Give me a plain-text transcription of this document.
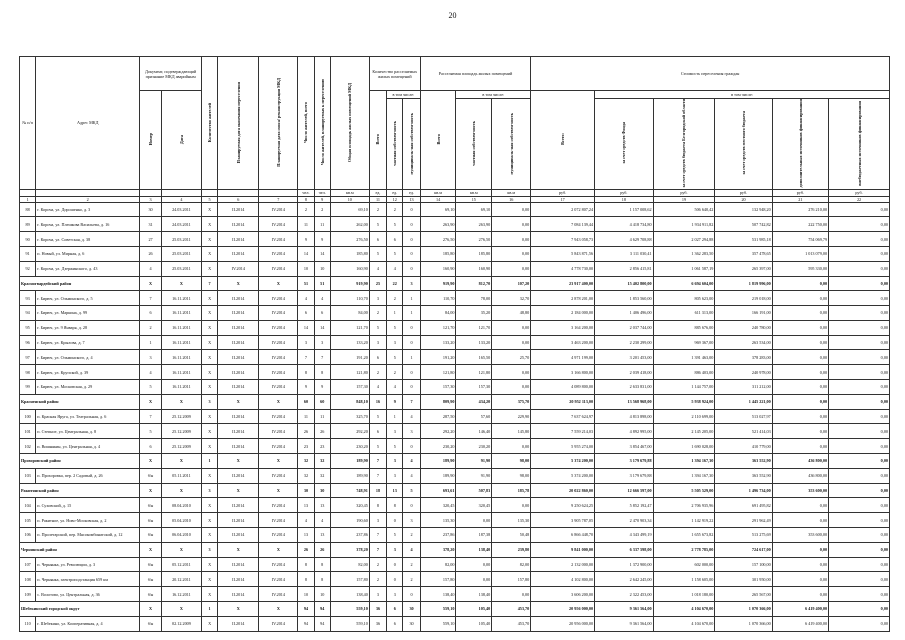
20
№ п/п	Адрес МКД	Документ, подтверждающий признание МКД аварийным		Количество жителей	Планируемая дата окончания переселения	Планируемая дата сноса/ реконструкции МКД	Число жителей, всего	Число жителей, планируемых к переселению	Общая площадь жилых помещений МКД	Количество расселяемых жилых помещений			Расселяемая площадь жилых помещений			Стоимость переселения граждан					
		Номер	Дата							Всего	в том числе:		Всего	в том числе:		Всего:	в том числе:				
											частная собствен-ность	муниципаль-ная собствен-ность		частная собствен-ность	муниципаль-ная собствен-ность		за счет средств Фонда	за счет средств бюджета Белгородской области	за счет средств местного бюджета	дополнительных источников финансирования	внебюджетных источников финансирования
							чел.	чел.	кв.м	ед.	ед.	ед.	кв.м	кв.м	кв.м	руб.	руб.	руб.	руб.	руб.	руб.
1	2	3	4	5	6	7	8	9	10	11	12	13	14	15	16	17	18	19	20	21	22
88	г. Короча, ул. Дорошенко, д. 3	30	24.03.2011	X	II.2014	IV.2014	2	2	69,10	2	2	0	69,10	69,10	0,00	2 072 807,24	1 157 008,62	506 640,42	132 948,20	276 210,00	0,00
89	г. Короча, ул. Плешкова Васильева, д. 16	31	24.03.2011	X	II.2014	IV.2014	11	11	262,00	5	5	0	263,90	263,90	0,00	7 084 139,44	4 418 734,80	1 934 911,82	507 742,82	222 750,00	0,00
90	г. Короча, ул. Советская, д. 38	27	25.03.2011	X	II.2014	IV.2014	9	9	276,50	6	6	0	276,50	276,50	0,00	7 943 058,73	4 629 708,88	2 027 294,88	531 985,18	754 069,79	0,00
91	п. Новый, ул. Мирная, д. 6	26	25.03.2011	X	II.2014	IV.2014	14	14	185,80	5	5	0	185,80	185,80	0,00	5 843 871,56	3 111 030,41	1 362 283,50	357 478,65	1 013 079,00	0,00
92	г. Короча, ул. Дзержинского, д. 43	4	25.03.2011	X	IV.2014	IV.2014	10	10	160,90	4	4	0	160,90	160,90	0,00	4 778 730,00	2 856 415,81	1 061 587,19	265 397,00	595 330,00	0,00
Красногвардейский район		X	X	7	X	X	51	51	919,90	25	22	3	919,90	812,70	107,20	23 917 400,00	15 402 800,00	6 694 604,00	1 819 996,00	0,00	0,00
93	г. Бирюч, ул. Ольминского, д. 5	7	16.11.2011	X	II.2014	IV.2014	4	4	110,70	3	2	1	110,70	78,00	32,70	2 878 201,00	1 853 560,00	805 623,00	219 018,00	0,00	0,00
94	г. Бирюч, ул. Маркина, д. 99	6	16.11.2011	X	II.2014	IV.2014	6	6	84,00	2	1	1	84,00	35,20	48,80	2 184 000,00	1 406 496,00	611 313,00	166 191,00	0,00	0,00
95	г. Бирюч, ул. 9 Января, д. 28	2	16.11.2011	X	II.2014	IV.2014	14	14	121,70	5	5	0	121,70	121,70	0,00	3 164 200,00	2 037 744,00	885 676,00	240 780,00	0,00	0,00
96	г. Бирюч, ул. Крылова, д. 7	1	16.11.2011	X	II.2014	IV.2014	3	3	133,20	3	3	0	133,20	133,20	0,00	3 463 200,00	2 230 299,00	969 367,00	263 534,00	0,00	0,00
97	г. Бирюч, ул. Ольминского, д. 4	3	16.11.2011	X	II.2014	IV.2014	7	7	191,20	6	5	1	191,20	165,50	25,70	4 971 199,00	3 201 453,00	1 391 463,00	378 283,00	0,00	0,00
98	г. Бирюч, ул. Крупской, д. 39	4	16.11.2011	X	II.2014	IV.2014	8	8	121,80	2	2	0	121,80	121,80	0,00	3 166 800,00	2 039 418,00	886 403,00	240 978,00	0,00	0,00
99	г. Бирюч, ул. Московская, д. 29	5	16.11.2011	X	II.2014	IV.2014	9	9	157,30	4	4	0	157,30	157,30	0,00	4 089 800,00	2 633 831,00	1 144 757,00	311 212,00	0,00	0,00
Красненский район		X	X	3	X	X	60	60	848,10	16	9	7	809,90	434,20	375,70	20 952 113,00	13 568 968,00	5 938 924,00	1 445 221,00	0,00	0,00
100	п. Красная Яруга, ул. Театральная, д. 6	7	25.12.2009	X	II.2014	IV.2014	11	11	325,70	5	1	4	287,50	57,60	229,90	7 637 624,97	4 813 898,00	2 110 699,00	513 027,97	0,00	0,00
101	п. Степное, ул. Центральная, д. 8	5	25.12.2009	X	II.2014	IV.2014	26	26	292,20	6	3	3	292,20	146,40	145,80	7 559 214,03	4 892 995,00	2 145 205,00	521 414,03	0,00	0,00
102	п. Вишнякин, ул. Центральная, д. 4	6	25.12.2009	X	II.2014	IV.2014	23	23	230,20	5	5	0	230,20	230,20	0,00	5 955 274,00	3 854 467,00	1 690 028,00	410 779,00	0,00	0,00
Прохоровский район		X	X	1	X	X	32	32	189,90	7	3	4	189,90	91,90	98,00	5 374 200,00	3 179 679,88	1 394 167,30	363 552,90	436 800,00	0,00
103	п. Прохоровка, пер. 2 Садовый, д. 26	б/н	05.11.2011	X	II.2014	IV.2014	32	32	189,90	7	3	4	189,90	91,90	98,00	5 374 200,00	3 179 679,88	1 394 167,30	363 552,90	436 800,00	0,00
Ракитянский район		X	X	3	X	X	30	30	748,91	18	13	5	693,61	507,83	185,78	20 022 860,00	12 666 597,00	5 505 529,00	1 496 734,00	353 600,00	0,00
104	п. Суховский, д. 15	б/н	08.04.2010	X	II.2014	IV.2014	13	13	320,45	8	8	0	320,45	320,45	0,00	9 250 624,25	5 852 192,47	2 706 935,96	691 495,82	0,00	0,00
105	п. Ракитное, ул. Ново-Московская, д. 2	б/н	05.04.2010	X	II.2014	IV.2014	4	4	190,60	3	0	3	135,30	0,00	135,30	3 905 787,05	2 470 903,34	1 142 919,22	291 962,49	0,00	0,00
106	п. Пролетарский, пер. Мясокомбинатский, д. 12	б/н	06.04.2010	X	II.2014	IV.2014	13	13	237,86	7	5	2	237,86	187,38	50,48	6 866 448,70	4 343 499,19	1 655 673,82	513 275,69	353 600,00	0,00
Чернянский район		X	X	3	X	X	26	26	378,20	7	3	4	378,20	138,40	239,80	9 841 000,00	6 337 598,00	2 778 785,00	724 617,00	0,00	0,00
107	п. Чернянка, ул. Революции, д. 3	б/н	05.12.2011	X	II.2014	IV.2014	8	8	82,00	2	0	2	82,00	0,00	82,00	2 132 000,00	1 372 900,00	602 000,00	157 100,00	0,00	0,00
108	п. Чернянка, электроподстанция 659 км	б/н	20.12.2011	X	II.2014	IV.2014	8	8	157,80	2	0	2	157,80	0,00	157,80	4 102 800,00	2 642 245,00	1 158 605,00	301 950,00	0,00	0,00
109	с. Волотово, ул. Центральная, д. 36	б/н	16.12.2011	X	II.2014	IV.2014	10	10	138,40	3	3	0	138,40	138,40	0,00	3 606 200,00	2 322 453,00	1 018 180,00	265 567,00	0,00	0,00
Шебекинский городской округ		X	X	1	X	X	94	94	559,10	36	6	30	559,10	105,40	453,70	20 956 000,00	9 361 564,00	4 104 670,00	1 070 366,00	6 419 400,00	0,00
110	г. Шебекино, ул. Кооперативная, д. 4	б/н	02.12.2009	X	II.2014	IV.2014	94	94	559,10	36	6	30	559,10	105,40	453,70	20 956 000,00	9 361 564,00	4 104 670,00	1 070 366,00	6 419 400,00	0,00
